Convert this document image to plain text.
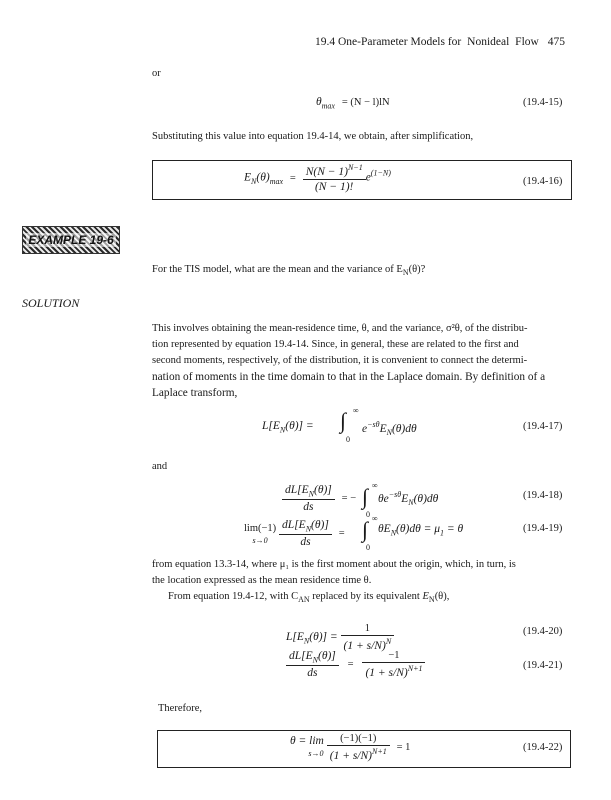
19.4 One-Parameter Models for Nonideal Flow 475
or
$\theta_{max} = (N - l)lN$	(19.4-15)
Substituting this value into equation 19.4-14, we obtain, after simplification,
$E_N(\theta)_{max} = \frac{N(N - 1)^{N-1}}{(N - 1)!} e^{(1-N)}$
(19.4-16)
EXAMPLE 19-6
For the TIS model, what are the mean and the variance of $E_N(\theta)$?
SOLUTION
This involves obtaining the mean-residence time, θ, and the variance, σ²θ, of the distribu-
tion represented by equation 19.4-14. Since, in general, these are related to the first and
second moments, respectively, of the distribution, it is convenient to connect the determi-
nation of moments in the time domain to that in the Laplace domain. By definition of a
Laplace transform,
$L[E_N(\theta)]$ = ∫ ∞
0
$e^{-s\theta}E_N(\theta)d\theta$	(19.4-17)
and
$\frac{dL[E_N(\theta)]}{ds}$ = − ∫ ∞
0
$\theta e^{-s\theta}E_N(\theta)d\theta$	(19.4-18)
lim(−1)
$s\to 0 \frac{dL[E_N(\theta)]}{ds}$ = ∫ ∞
0
$\theta E_N(\theta)d\theta = \mu_1 = \theta$	(19.4-19)
from equation 13.3-14, where μ₁ is the first moment about the origin, which, in turn, is
the location expressed as the mean residence time θ.
From equation 19.4-12, with $C_{AN}$ replaced by its equivalent $E_N(\theta)$,
$L[E_N(\theta)] = \frac{1}{(1 + s/N)^N}$	(19.4-20)
$\frac{dL[E_N(\theta)]}{ds} = \frac{-1}{(1 + s/N)^{N+1}}$	(19.4-21)
Therefore,
θ = lim
$s\to 0 \frac{(-1)(-1)}{(1 + s/N)^{N+1}} = 1$	(19.4-22)
